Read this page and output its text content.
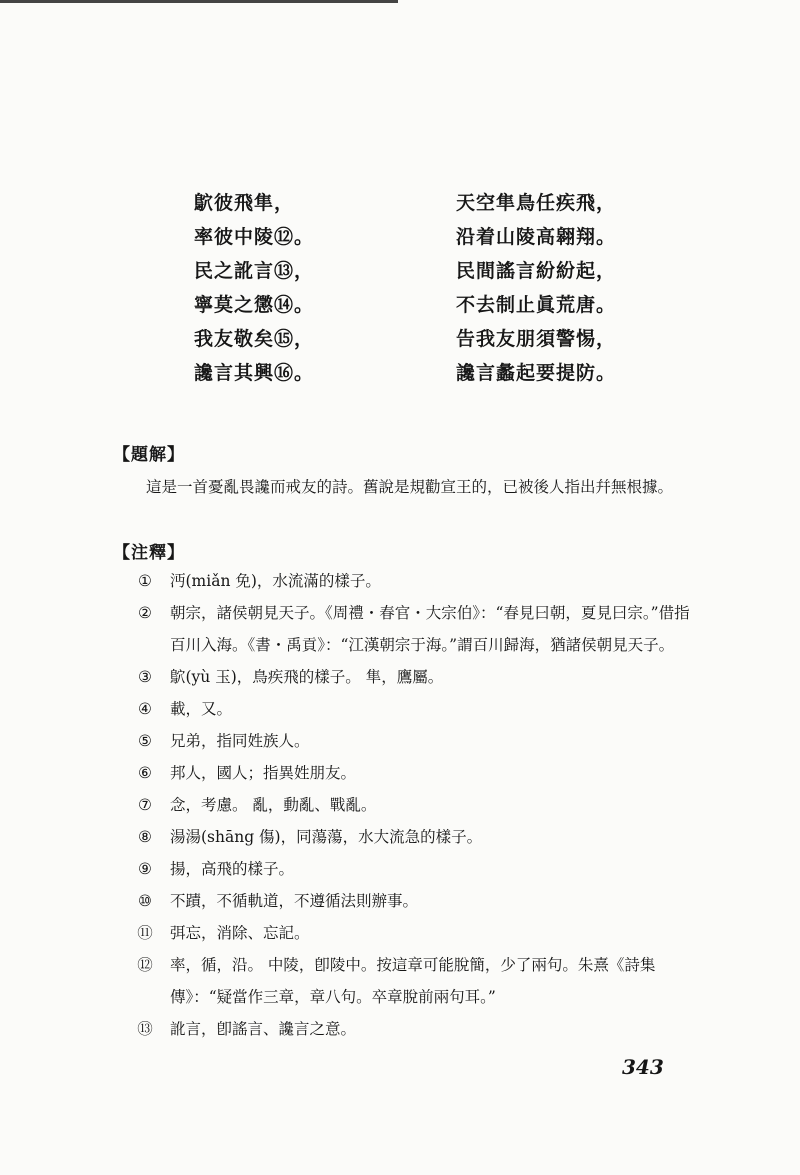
鴥彼飛隼，	天空隼鳥任疾飛，
率彼中陵⑫。	沿着山陵高翱翔。
民之訛言⑬，	民間謠言紛紛起，
寧莫之懲⑭。	不去制止眞荒唐。
我友敬矣⑮，	告我友朋須警惕，
讒言其興⑯。	讒言蠡起要提防。
【題解】
這是一首憂亂畏讒而戒友的詩。舊說是規勸宣王的，已被後人指出幷無根據。
【注釋】
①	沔(miǎn 免)，水流滿的樣子。
②	朝宗，諸侯朝見天子。《周禮・春官・大宗伯》：“春見曰朝，夏見曰宗。”借指百川入海。《書・禹貢》：“江漢朝宗于海。”謂百川歸海，猶諸侯朝見天子。
③	鴥(yù 玉)，鳥疾飛的樣子。 隼，鷹屬。
④	載，又。
⑤	兄弟，指同姓族人。
⑥	邦人，國人；指異姓朋友。
⑦	念，考慮。 亂，動亂、戰亂。
⑧	湯湯(shāng 傷)，同蕩蕩，水大流急的樣子。
⑨	揚，高飛的樣子。
⑩	不蹟，不循軌道，不遵循法則辦事。
⑪ 弭忘，消除、忘記。
⑫ 率，循，沿。 中陵，卽陵中。按這章可能脫簡，少了兩句。朱熹《詩集傳》：“疑當作三章，章八句。卒章脫前兩句耳。”
⑬ 訛言，卽謠言、讒言之意。
343
